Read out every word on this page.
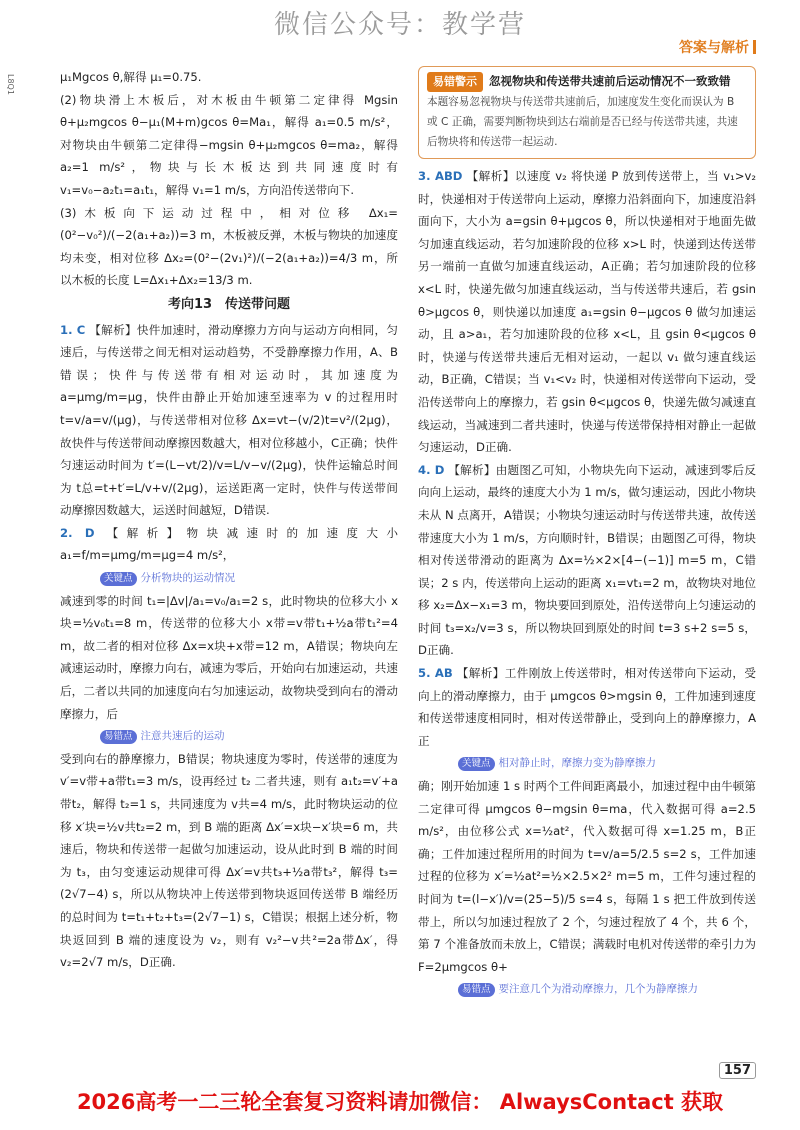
微信公众号：教学营
答案与解析
L8Q1	μ₁Mgcos θ,解得 μ₁=0.75.

(2)物块滑上木板后，对木板由牛顿第二定律得 Mgsin θ+μ₂mgcos θ−μ₁(M+m)gcos θ=Ma₁，解得 a₁=0.5 m/s²，对物块由牛顿第二定律得−mgsin θ+μ₂mgcos θ=ma₂，解得 a₂=1 m/s²，物块与长木板达到共同速度时有 v₁=v₀−a₂t₁=a₁t₁，解得 v₁=1 m/s，方向沿传送带向下.

(3)木板向下运动过程中，相对位移 Δx₁=(0²−v₀²)/(−2(a₁+a₂))=3 m，木板被反弹，木板与物块的加速度均未变，相对位移 Δx₂=(0²−(2v₁)²)/(−2(a₁+a₂))=4/3 m，所以木板的长度 L=Δx₁+Δx₂=13/3 m.

考向13　传送带问题

1. C 【解析】快件加速时，滑动摩擦力方向与运动方向相同，匀速后，与传送带之间无相对运动趋势，不受静摩擦力作用，A、B错误；快件与传送带有相对运动时，其加速度为 a=μmg/m=μg，快件由静止开始加速至速率为 v 的过程用时 t=v/a=v/(μg)，与传送带相对位移 Δx=vt−(v/2)t=v²/(2μg)，故快件与传送带间动摩擦因数越大，相对位移越小，C正确；快件匀速运动时间为 t′=(L−vt/2)/v=L/v−v/(2μg)，快件运输总时间为 t总=t+t′=L/v+v/(2μg)，运送距离一定时，快件与传送带间动摩擦因数越大，运送时间越短，D错误.

2. D 【解析】物块减速时的加速度大小 a₁=f/m=μmg/m=μg=4 m/s²，

关键点 分析物块的运动情况

减速到零的时间 t₁=|Δv|/a₁=v₀/a₁=2 s，此时物块的位移大小 x块=½v₀t₁=8 m，传送带的位移大小 x带=v带t₁+½a带t₁²=4 m，故二者的相对位移 Δx=x块+x带=12 m，A错误；物块向左减速运动时，摩擦力向右，减速为零后，开始向右加速运动，共速后，二者以共同的加速度向右匀加速运动，故物块受到向右的滑动摩擦力，后

易错点 注意共速后的运动

受到向右的静摩擦力，B错误；物块速度为零时，传送带的速度为 v′=v带+a带t₁=3 m/s，设再经过 t₂ 二者共速，则有 a₁t₂=v′+a带t₂，解得 t₂=1 s，共同速度为 v共=4 m/s，此时物块运动的位移 x′块=½v共t₂=2 m，到 B 端的距离 Δx′=x块−x′块=6 m，共速后，物块和传送带一起做匀加速运动，设从此时到 B 端的时间为 t₃，由匀变速运动规律可得 Δx′=v共t₃+½a带t₃²，解得 t₃=(2√7−4) s，所以从物块冲上传送带到物块返回传送带 B 端经历的总时间为 t=t₁+t₂+t₃=(2√7−1) s，C错误；根据上述分析，物块返回到 B 端的速度设为 v₂，则有 v₂²−v共²=2a带Δx′，得 v₂=2√7 m/s，D正确.

易错警示 忽视物块和传送带共速前后运动情况不一致致错
本题容易忽视物块与传送带共速前后，加速度发生变化而误认为 B 或 C 正确，需要判断物块到达右端前是否已经与传送带共速，共速后物块将和传送带一起运动.

3. ABD 【解析】以速度 v₂ 将快递 P 放到传送带上，当 v₁>v₂ 时，快递相对于传送带向上运动，摩擦力沿斜面向下，加速度沿斜面向下，大小为 a=gsin θ+μgcos θ，所以快递相对于地面先做匀加速直线运动，若匀加速阶段的位移 x>L 时，快递到达传送带另一端前一直做匀加速直线运动，A正确；若匀加速阶段的位移 x<L 时，快递先做匀加速直线运动，当与传送带共速后，若 gsin θ>μgcos θ，则快递以加速度 a₁=gsin θ−μgcos θ 做匀加速运动，且 a>a₁，若匀加速阶段的位移 x<L，且 gsin θ<μgcos θ 时，快递与传送带共速后无相对运动，一起以 v₁ 做匀速直线运动，B正确，C错误；当 v₁<v₂ 时，快递相对传送带向下运动，受沿传送带向上的摩擦力，若 gsin θ<μgcos θ，快递先做匀减速直线运动，当减速到二者共速时，快递与传送带保持相对静止一起做匀速运动，D正确.

4. D 【解析】由题图乙可知，小物块先向下运动，减速到零后反向向上运动，最终的速度大小为 1 m/s，做匀速运动，因此小物块未从 N 点离开，A错误；小物块匀速运动时与传送带共速，故传送带速度大小为 1 m/s，方向顺时针，B错误；由题图乙可得，物块相对传送带滑动的距离为 Δx=½×2×[4−(−1)] m=5 m，C错误；2 s 内，传送带向上运动的距离 x₁=vt₁=2 m，故物块对地位移 x₂=Δx−x₁=3 m，物块要回到原处，沿传送带向上匀速运动的时间 t₃=x₂/v=3 s，所以物块回到原处的时间 t=3 s+2 s=5 s，D正确.

5. AB 【解析】工件刚放上传送带时，相对传送带向下运动，受向上的滑动摩擦力，由于 μmgcos θ>mgsin θ，工件加速到速度和传送带速度相同时，相对传送带静止，受到向上的静摩擦力，A正

关键点 相对静止时，摩擦力变为静摩擦力

确；刚开始加速 1 s 时两个工件间距离最小，加速过程中由牛顿第二定律可得 μmgcos θ−mgsin θ=ma，代入数据可得 a=2.5 m/s²，由位移公式 x=½at²，代入数据可得 x=1.25 m，B正确；工件加速过程所用的时间为 t=v/a=5/2.5 s=2 s，工件加速过程的位移为 x′=½at²=½×2.5×2² m=5 m，工件匀速过程的时间为 t=(l−x′)/v=(25−5)/5 s=4 s，每隔 1 s 把工件放到传送带上，所以匀加速过程放了 2 个，匀速过程放了 4 个，共 6 个，第 7 个准备放而未放上，C错误；满载时电机对传送带的牵引力为 F=2μmgcos θ+

易错点 要注意几个为滑动摩擦力，几个为静摩擦力
157
2026高考一二三轮全套复习资料请加微信： AlwaysContact 获取
